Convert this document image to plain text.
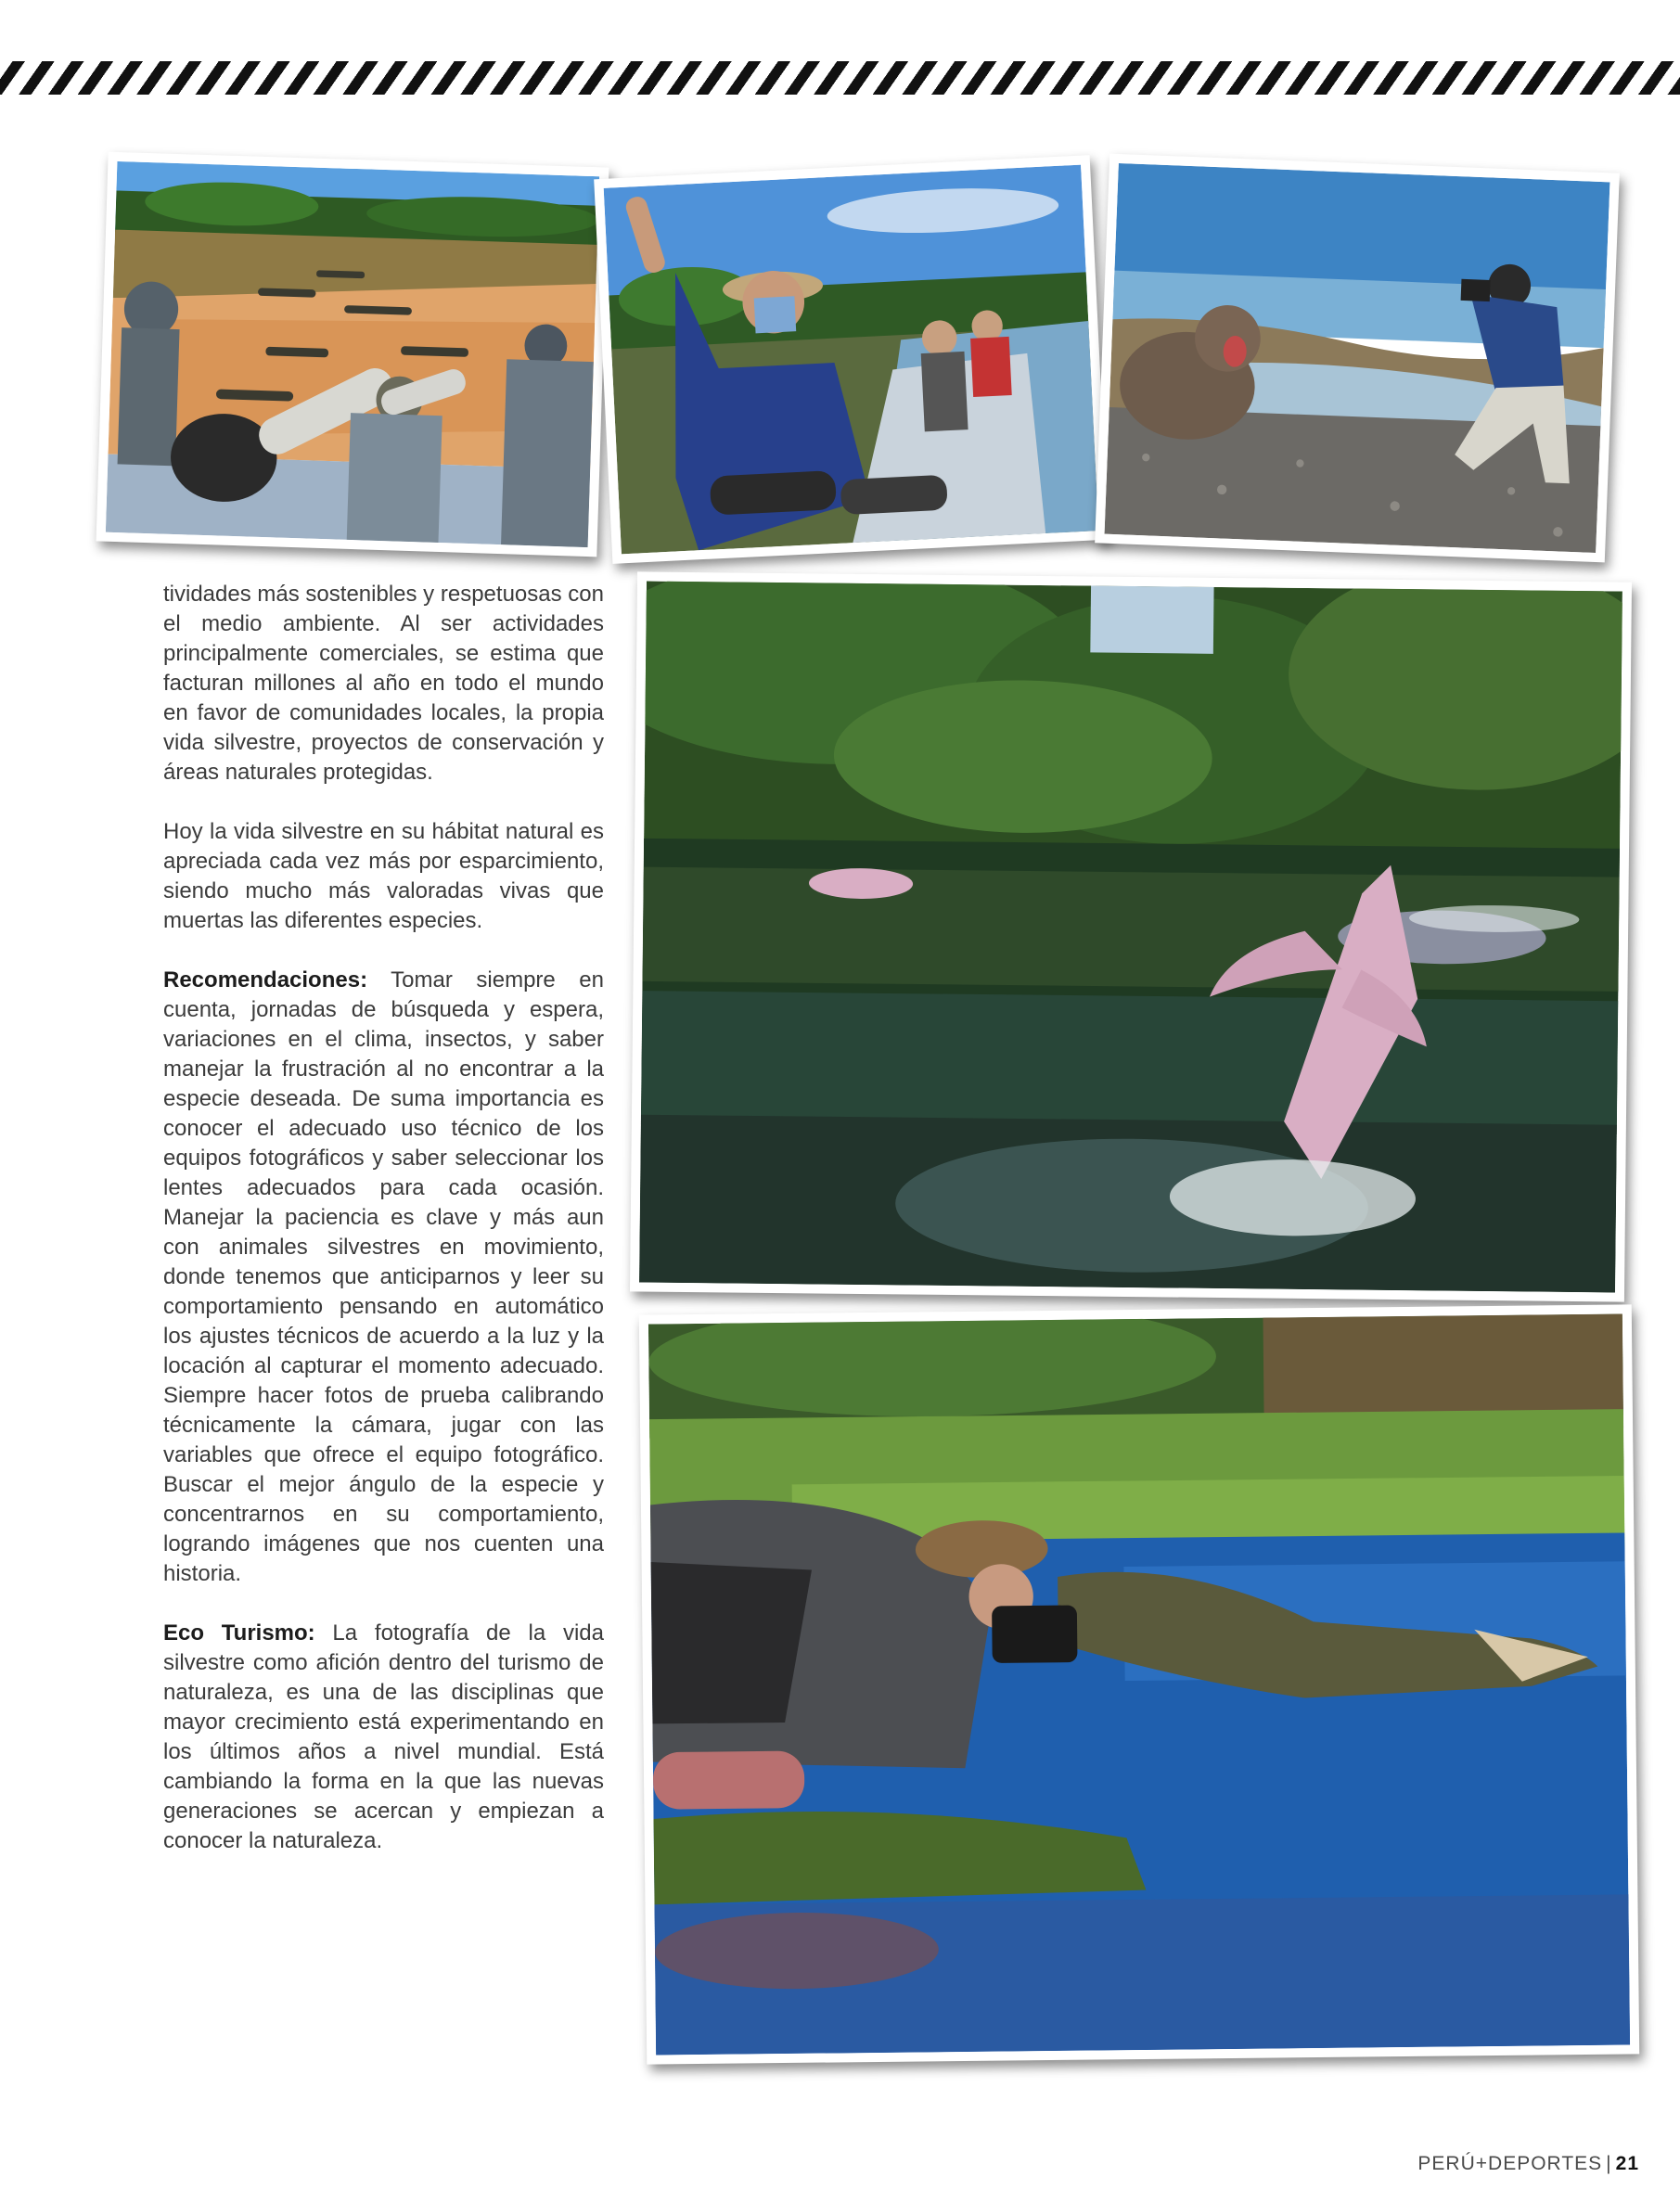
tividades más sostenibles y respetuosas con el medio ambiente. Al ser actividades principalmente comerciales, se estima que facturan millones al año en todo el mundo en favor de comunidades locales, la propia vida silvestre, proyectos de conservación y áreas naturales protegidas.

Hoy la vida silvestre en su hábitat natural es apreciada cada vez más por esparcimiento, siendo mucho más valoradas vivas que muertas las diferentes especies.

Recomendaciones: Tomar siempre en cuenta, jornadas de búsqueda y espera, variaciones en el clima, insectos, y saber manejar la frustración al no encontrar a la especie deseada. De suma importancia es conocer el adecuado uso técnico de los equipos fotográficos y saber seleccionar los lentes adecuados para cada ocasión. Manejar la paciencia es clave y más aun con animales silvestres en movimiento, donde tenemos que anticiparnos y leer su comportamiento pensando en automático los ajustes técnicos de acuerdo a la luz y la locación al capturar el momento adecuado. Siempre hacer fotos de prueba calibrando técnicamente la cámara, jugar con las variables que ofrece el equipo fotográfico. Buscar el mejor ángulo de la especie y concentrarnos en su comportamiento, logrando imágenes que nos cuenten una historia.

Eco Turismo: La fotografía de la vida silvestre como afición dentro del turismo de naturaleza, es una de las disciplinas que mayor crecimiento está experimentando en los últimos años a nivel mundial. Está cambiando la forma en la que las nuevas generaciones se acercan y empiezan a conocer la naturaleza.

PERÚ+DEPORTES | 21
